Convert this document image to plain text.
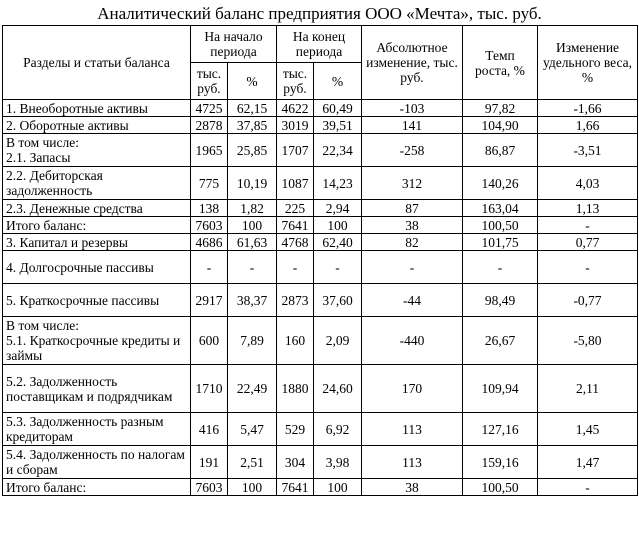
Аналитический баланс предприятия ООО «Мечта», тыс. руб.
Разделы и статьи баланса	На начало периода		На конец периода		Абсолютное изменение, тыс. руб.	Темп роста, %	Изменение удельного веса, %
	тыс. руб.	%	тыс. руб.	%			
1. Внеоборотные активы	4725	62,15	4622	60,49	-103	97,82	-1,66
2. Оборотные активы	2878	37,85	3019	39,51	141	104,90	1,66
В том числе:
2.1. Запасы	1965	25,85	1707	22,34	-258	86,87	-3,51
2.2. Дебиторская задолженность	775	10,19	1087	14,23	312	140,26	4,03
2.3. Денежные средства	138	1,82	225	2,94	87	163,04	1,13
Итого баланс:	7603	100	7641	100	38	100,50	-
3. Капитал и резервы	4686	61,63	4768	62,40	82	101,75	0,77
4. Долгосрочные пассивы	-	-	-	-	-	-	-
5. Краткосрочные пассивы	2917	38,37	2873	37,60	-44	98,49	-0,77
В том числе:
5.1. Краткосрочные кредиты и займы	600	7,89	160	2,09	-440	26,67	-5,80
5.2. Задолженность поставщикам и подрядчикам	1710	22,49	1880	24,60	170	109,94	2,11
5.3. Задолженность разным кредиторам	416	5,47	529	6,92	113	127,16	1,45
5.4. Задолженность по налогам и сборам	191	2,51	304	3,98	113	159,16	1,47
Итого баланс:	7603	100	7641	100	38	100,50	-
